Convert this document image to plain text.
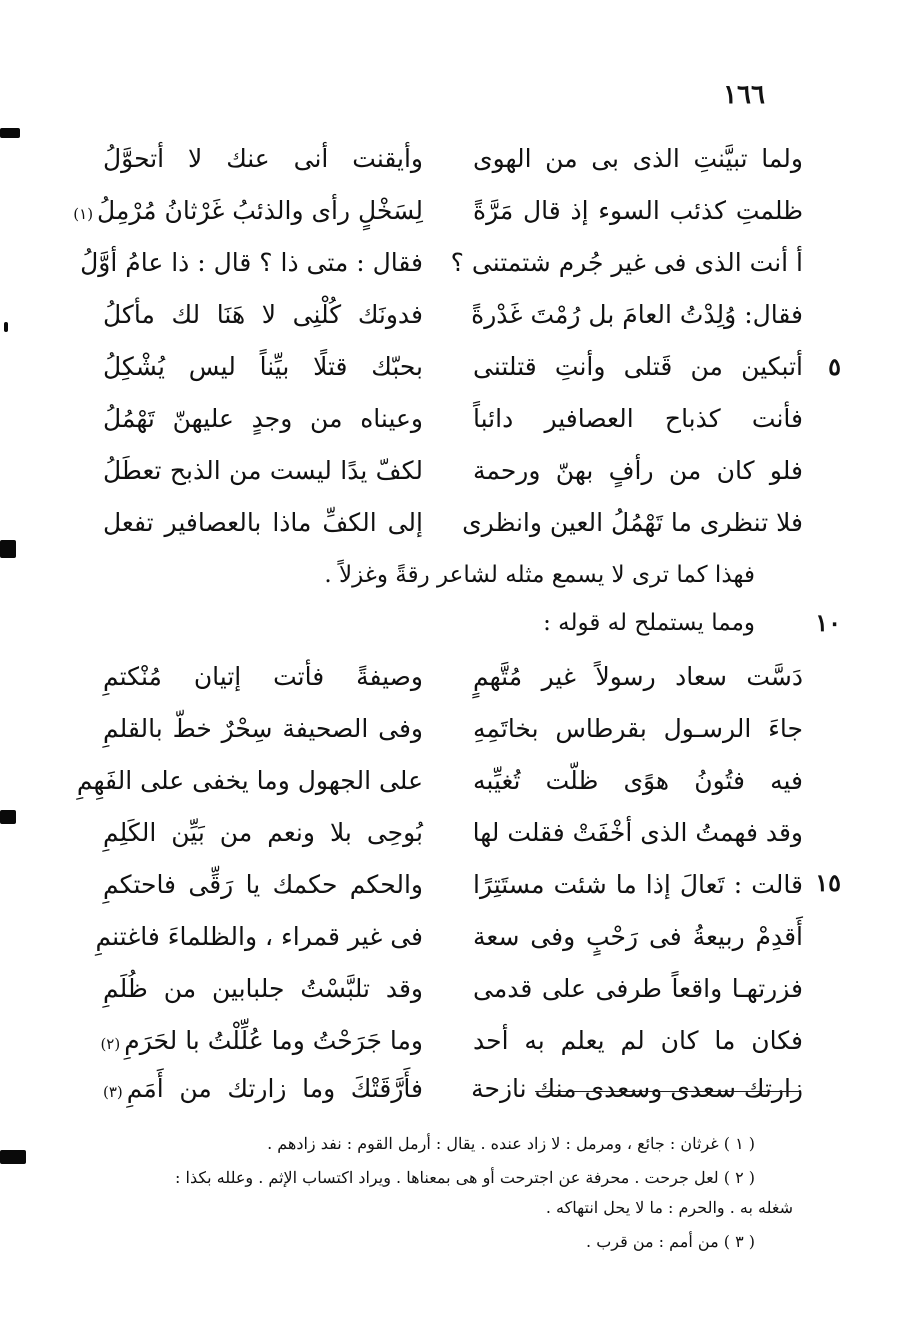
١٦٦
ولما تبيَّنتِ الذى بى من الهوى
وأيقنت أنى عنك لا أتحوَّلُ
ظلمتِ كذئب السوء إذ قال مَرَّةً
لِسَخْلٍ رأى والذئبُ غَرْثانُ مُرْمِلُ(١)
أ أنت الذى فى غير جُرم شتمتنى ؟
فقال : متى ذا ؟ قال : ذا عامُ أوَّلُ
فقال: وُلِدْتُ العامَ بل رُمْتَ غَدْرةً
فدونَك كُلْنِى لا هَنَا لك مأكلُ
٥
أتبكين من قَتلى وأنتِ قتلتنى
بحبّك قتلًا بيِّناً ليس يُشْكِلُ
فأنت كذباح العصافير دائباً
وعيناه من وجدٍ عليهنّ تَهْمُلُ
فلو كان من رأفٍ بهنّ ورحمة
لكفّ يدًا ليست من الذبح تعطَلُ
فلا تنظرى ما تَهْمُلُ العين وانظرى
إلى الكفِّ ماذا بالعصافير تفعل
فهذا كما ترى لا يسمع مثله لشاعر رقةً وغزلاً .
١٠
ومما يستملح له قوله :
دَسَّت سعاد رسولاً غير مُتَّهمٍ
وصيفةً فأتت إتيان مُنْكتمِ
جاءَ الرسـول بقرطاس بخاتَمِهِ
وفى الصحيفة سِحْرٌ خطّ بالقلمِ
فيه فتُونُ هوًى ظلّت تُغيِّبه
على الجهول وما يخفى على الفَهِمِ
وقد فهمتُ الذى أخْفَتْ فقلت لها
بُوحِى بلا ونعم من بَيِّن الكَلِمِ
١٥
قالت : تَعالَ إذا ما شئت مستَتِرًا
والحكم حكمك يا رَقِّى فاحتكمِ
أَقدِمْ ربيعةُ فى رَحْبٍ وفى سعة
فى غير قمراء ، والظلماءَ فاغتنمِ
فزرتهـا واقعاً طرفى على قدمى
وقد تلبَّسْتُ جلبابين من ظُلَمِ
فكان ما كان لم يعلم به أحد
وما جَرَحْتُ وما عُلِّلْتُ با لحَرَمِ(٢)
زارتك سعدى وسعدى منك نازحة
فأَرَّقَتْكَ وما زارتك من أَمَمِ(٣)
( ١ ) غرثان : جائع ، ومرمل : لا زاد عنده . يقال : أرمل القوم : نفد زادهم .
( ٢ ) لعل جرحت . محرفة عن اجترحت أو هى بمعناها . ويراد اكتساب الإثم . وعلله بكذا :
شغله به . والحرم : ما لا يحل انتهاكه .
( ٣ ) من أمم : من قرب .
